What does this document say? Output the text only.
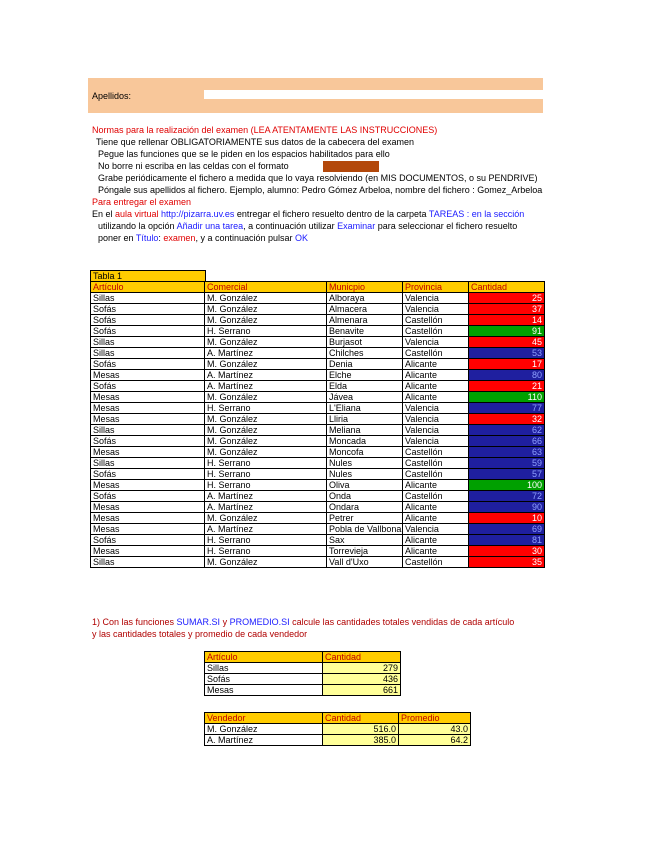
Apellidos:
Normas para la realización del examen (LEA ATENTAMENTE LAS INSTRUCCIONES)
Tiene que rellenar OBLIGATORIAMENTE sus datos de la cabecera del examen
Pegue las funciones que se le piden en los espacios habilitados para ello
No borre ni escriba en las celdas con el formato
Grabe periódicamente el fichero a medida que lo vaya resolviendo (en MIS DOCUMENTOS, o su PENDRIVE)
Póngale sus apellidos al fichero. Ejemplo, alumno: Pedro Gómez Arbeloa, nombre del fichero : Gomez_Arbeloa
Para entregar el examen
En el aula virtual http://pizarra.uv.es entregar el fichero resuelto dentro de la carpeta TAREAS : en la sección
utilizando la opción Añadir una tarea, a continuación utilizar Examinar para seleccionar el fichero resuelto
poner en Título: examen, y a continuación pulsar OK
Tabla 1
Artículo	Comercial	Municpio	Provincia	Cantidad
Sillas	M. González	Alboraya	Valencia	25
Sofás	M. González	Almacera	Valencia	37
Sofás	M. González	Almenara	Castellón	14
Sofás	H. Serrano	Benavite	Castellón	91
Sillas	M. González	Burjasot	Valencia	45
Sillas	A. Martínez	Chilches	Castellón	53
Sofás	M. González	Denia	Alicante	17
Mesas	A. Martínez	Elche	Alicante	80
Sofás	A. Martínez	Elda	Alicante	21
Mesas	M. González	Jávea	Alicante	110
Mesas	H. Serrano	L'Eliana	Valencia	77
Mesas	M. González	Lliria	Valencia	32
Sillas	M. González	Meliana	Valencia	62
Sofás	M. González	Moncada	Valencia	66
Mesas	M. González	Moncofa	Castellón	63
Sillas	H. Serrano	Nules	Castellón	59
Sofás	H. Serrano	Nules	Castellón	57
Mesas	H. Serrano	Oliva	Alicante	100
Sofás	A. Martínez	Onda	Castellón	72
Mesas	A. Martínez	Ondara	Alicante	90
Mesas	M. González	Petrer	Alicante	10
Mesas	A. Martínez	Pobla de Vallbona	Valencia	69
Sofás	H. Serrano	Sax	Alicante	81
Mesas	H. Serrano	Torrevieja	Alicante	30
Sillas	M. González	Vall d'Uxo	Castellón	35
1) Con las funciones SUMAR.SI y PROMEDIO.SI calcule las cantidades totales vendidas de cada artículo
y las cantidades totales y promedio de cada vendedor
Artículo	Cantidad
Sillas	279
Sofás	436
Mesas	661
Vendedor	Cantidad	Promedio
M. González	516.0	43.0
A. Martínez	385.0	64.2
